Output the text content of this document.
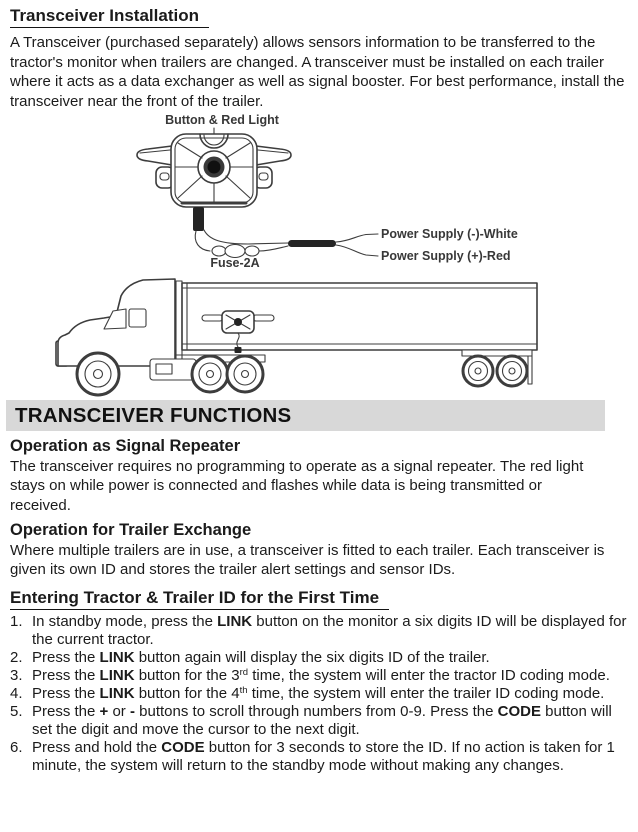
Transceiver Installation

A Transceiver (purchased separately) allows sensors information to be transferred to the tractor's monitor when trailers are changed. A transceiver must be installed on each trailer where it acts as a data exchanger as well as signal booster. For best performance, install the transceiver near the front of the trailer.

Button & Red Light
Fuse-2A
Power Supply (-)-White
Power Supply (+)-Red
TRANSCEIVER FUNCTIONS
Operation as Signal Repeater

The transceiver requires no programming to operate as a signal repeater. The red light stays on while power is connected and flashes while data is being transmitted or received.

Operation for Trailer Exchange

Where multiple trailers are in use, a transceiver is fitted to each trailer. Each transceiver is given its own ID and stores the trailer alert settings and sensor IDs.

Entering Tractor & Trailer ID for the First Time
1. In standby mode, press the LINK button on the monitor a six digits ID will be displayed for the current tractor.
2. Press the LINK button again will display the six digits ID of the trailer.
3. Press the LINK button for the 3rd time, the system will enter the tractor ID coding mode.
4. Press the LINK button for the 4th time, the system will enter the trailer ID coding mode.
5. Press the + or - buttons to scroll through numbers from 0-9. Press the CODE button will set the digit and move the cursor to the next digit.
6. Press and hold the CODE button for 3 seconds to store the ID. If no action is taken for 1 minute, the system will return to the standby mode without making any changes.
